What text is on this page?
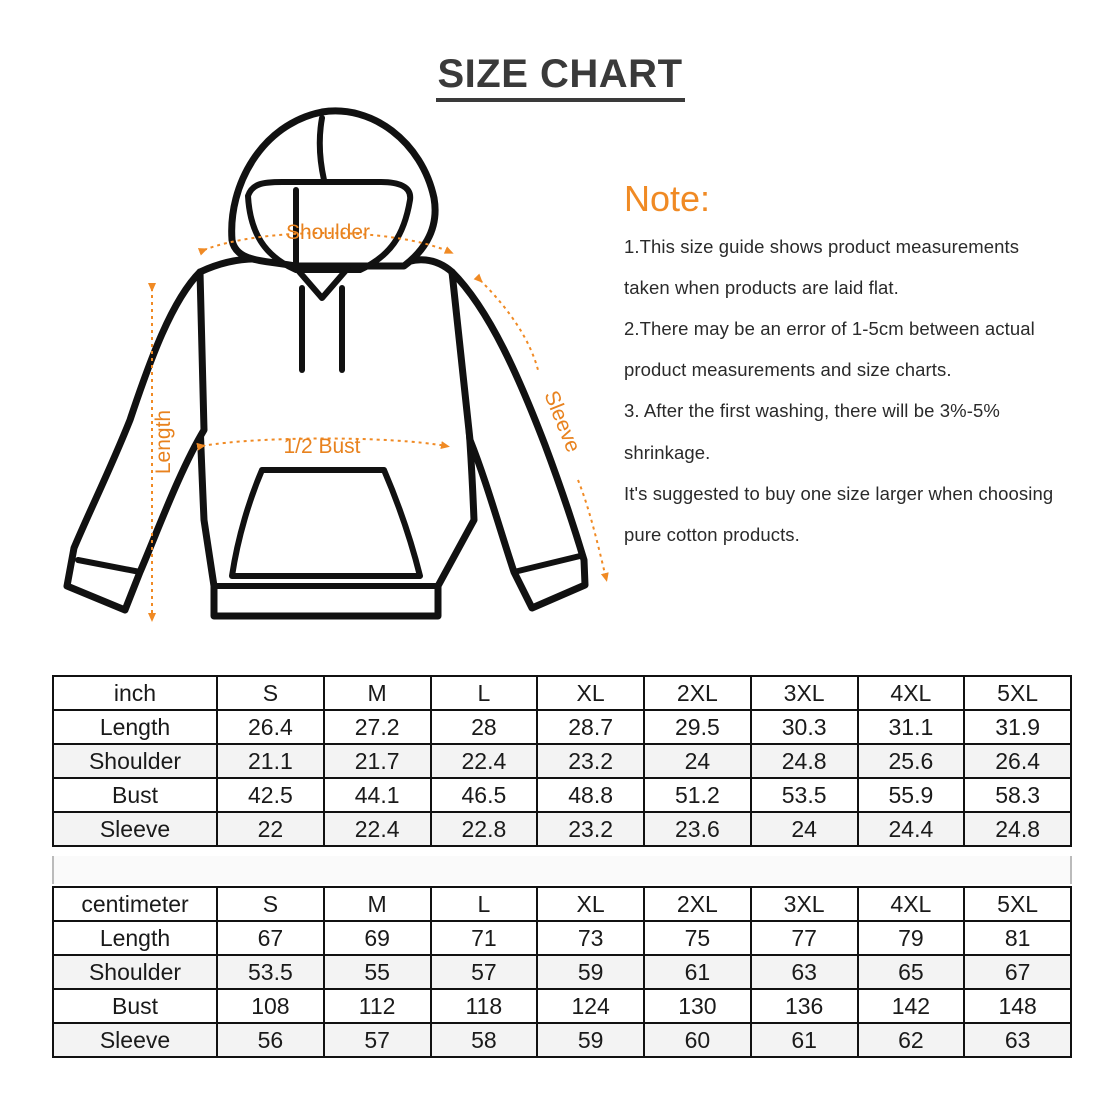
SIZE CHART
Shoulder
1/2 Bust
Length	Sleeve
Note:
1.This size guide shows product measurements
taken when products are laid flat.
2.There may be an error of 1-5cm between actual
product measurements and size charts.
3. After the first washing, there will be 3%-5%
shrinkage.
It's suggested to buy one size larger when choosing
pure cotton products.
inch	S	M	L	XL	2XL	3XL	4XL	5XL
Length	26.4	27.2	28	28.7	29.5	30.3	31.1	31.9
Shoulder	21.1	21.7	22.4	23.2	24	24.8	25.6	26.4
Bust	42.5	44.1	46.5	48.8	51.2	53.5	55.9	58.3
Sleeve	22	22.4	22.8	23.2	23.6	24	24.4	24.8
centimeter	S	M	L	XL	2XL	3XL	4XL	5XL
Length	67	69	71	73	75	77	79	81
Shoulder	53.5	55	57	59	61	63	65	67
Bust	108	112	118	124	130	136	142	148
Sleeve	56	57	58	59	60	61	62	63
